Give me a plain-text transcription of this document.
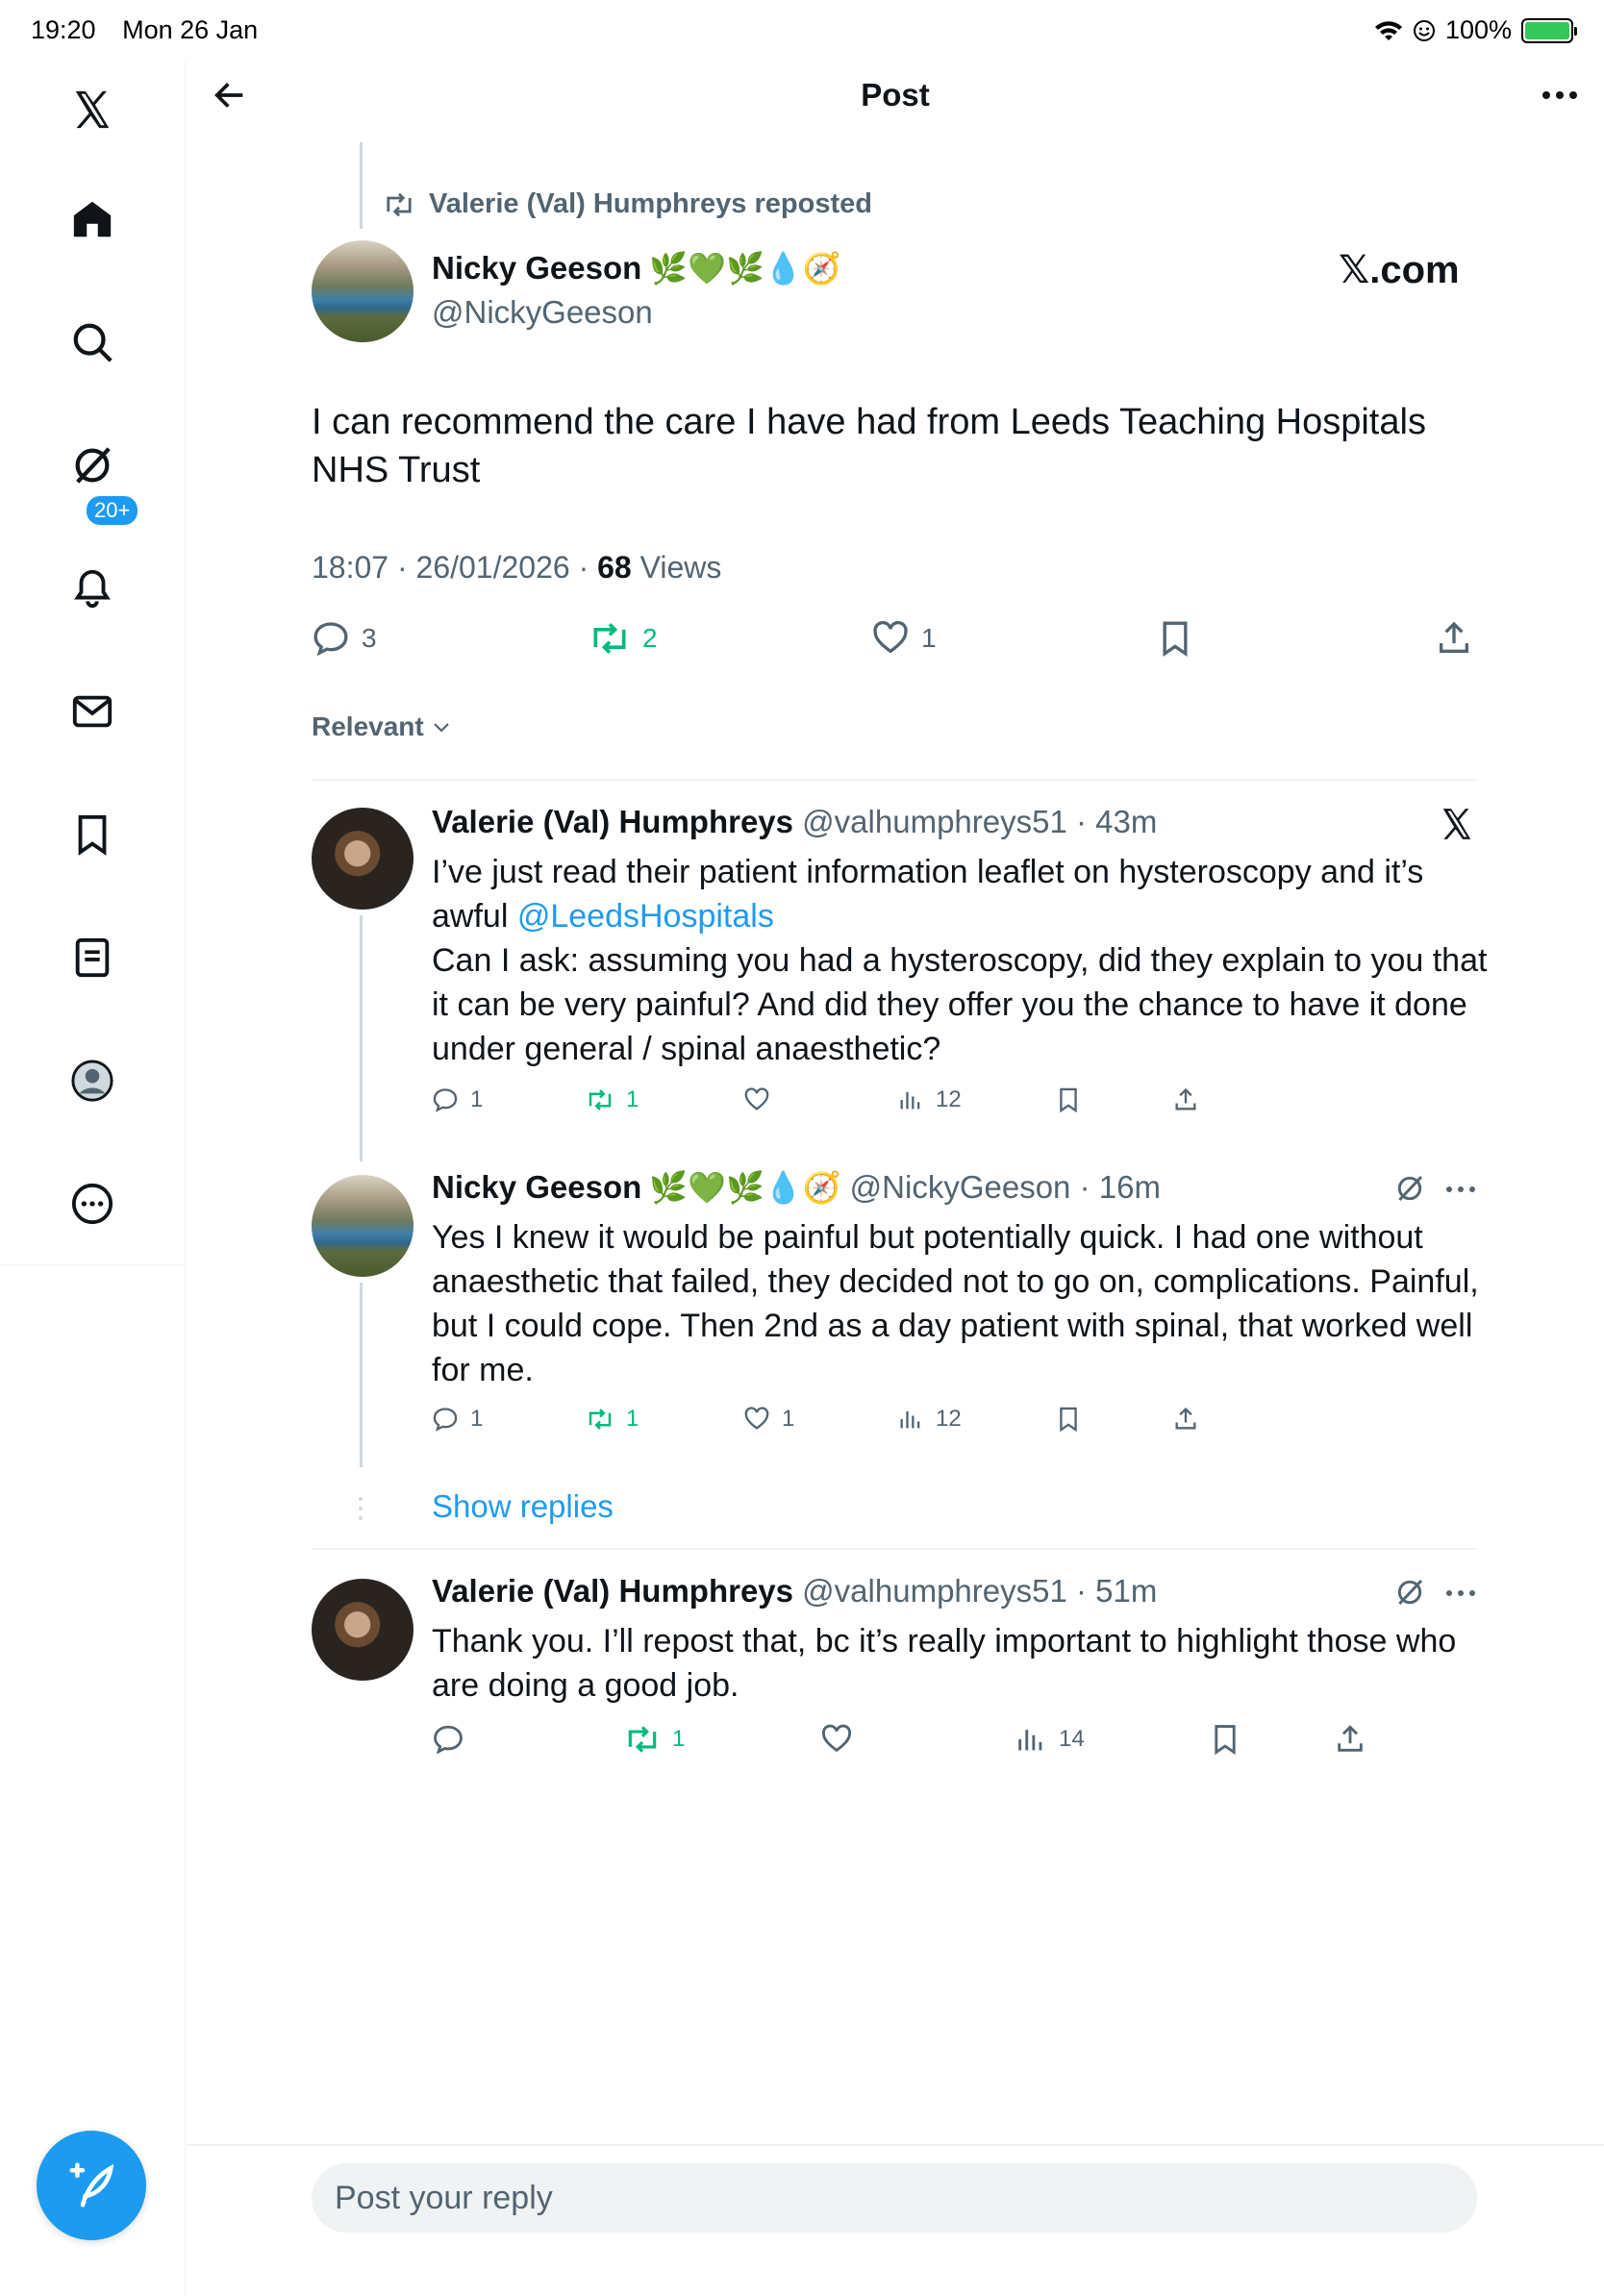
19:20 Mon 26 Jan	100%
20+
Post
Valerie (Val) Humphreys reposted
Nicky Geeson 🌿💚🌿💧🧭
@NickyGeeson
𝕏.com
I can recommend the care I have had from Leeds Teaching Hospitals NHS Trust
18:07 · 26/01/2026 · 68 Views
3	2	1
Relevant
Valerie (Val) Humphreys @valhumphreys51 · 43m
I’ve just read their patient information leaflet on hysteroscopy and it’s awful @LeedsHospitals
Can I ask: assuming you had a hysteroscopy, did they explain to you that it can be very painful? And did they offer you the chance to have it done under general / spinal anaesthetic?
1	1	12
Nicky Geeson 🌿💚🌿💧🧭 @NickyGeeson · 16m
Yes I knew it would be painful but potentially quick. I had one without anaesthetic that failed, they decided not to go on, complications. Painful, but I could cope. Then 2nd as a day patient with spinal, that worked well for me.
1	1	1	12
Show replies
Valerie (Val) Humphreys @valhumphreys51 · 51m
Thank you. I’ll repost that, bc it’s really important to highlight those who are doing a good job.
1	14
Post your reply
